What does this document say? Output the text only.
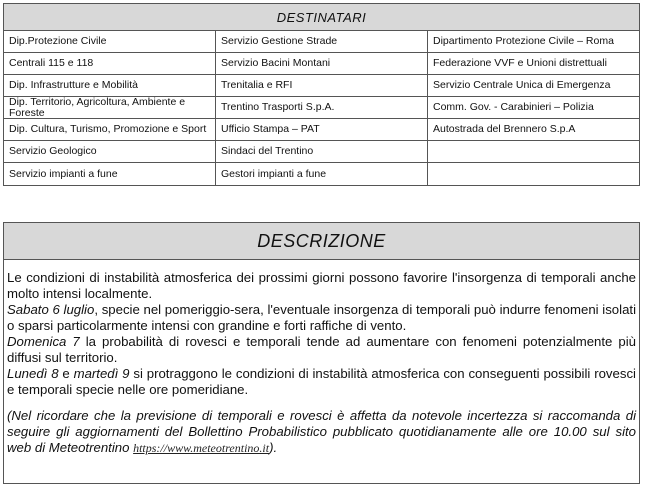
DESTINATARI
Dip.Protezione Civile	Servizio Gestione Strade	Dipartimento Protezione Civile – Roma
Centrali 115 e 118	Servizio Bacini Montani	Federazione VVF e Unioni distrettuali
Dip. Infrastrutture e Mobilità	Trenitalia e RFI	Servizio Centrale Unica di Emergenza
Dip. Territorio, Agricoltura, Ambiente e Foreste	Trentino Trasporti S.p.A.	Comm. Gov. - Carabinieri – Polizia
Dip. Cultura, Turismo, Promozione e Sport	Ufficio Stampa – PAT	Autostrada del Brennero S.p.A
Servizio Geologico	Sindaci del Trentino
Servizio impianti a fune	Gestori impianti a fune
DESCRIZIONE

Le condizioni di instabilità atmosferica dei prossimi giorni possono favorire l'insorgenza di temporali anche molto intensi localmente.

Sabato 6 luglio, specie nel pomeriggio-sera, l'eventuale insorgenza di temporali può indurre fenomeni isolati o sparsi particolarmente intensi con grandine e forti raffiche di vento.

Domenica 7 la probabilità di rovesci e temporali tende ad aumentare con fenomeni potenzialmente più diffusi sul territorio.

Lunedì 8 e martedì 9 si protraggono le condizioni di instabilità atmosferica con conseguenti possibili rovesci e temporali specie nelle ore pomeridiane.

(Nel ricordare che la previsione di temporali e rovesci è affetta da notevole incertezza si raccomanda di seguire gli aggiornamenti del Bollettino Probabilistico pubblicato quotidianamente alle ore 10.00 sul sito web di Meteotrentino https://www.meteotrentino.it).
